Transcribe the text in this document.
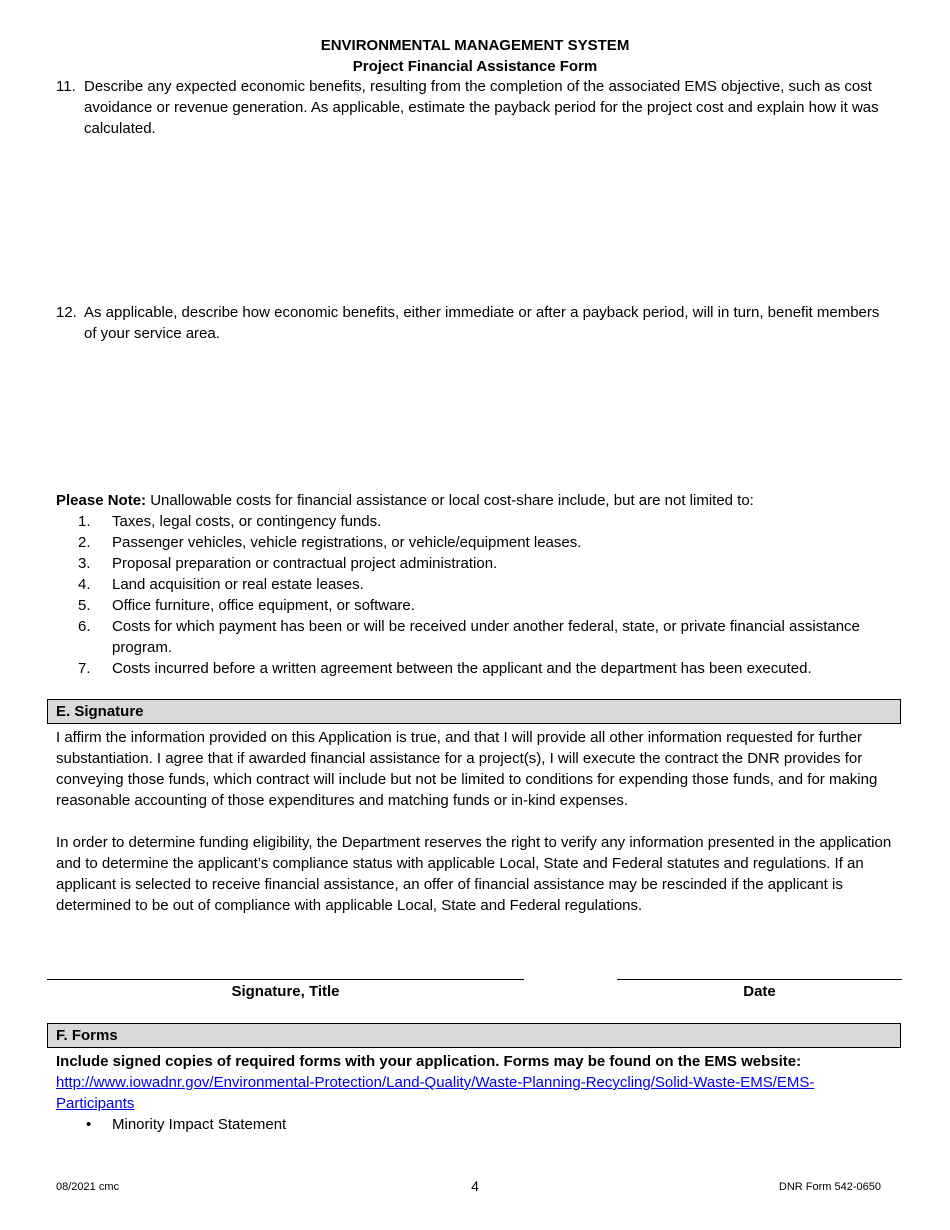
ENVIRONMENTAL MANAGEMENT SYSTEM
Project Financial Assistance Form
11. Describe any expected economic benefits, resulting from the completion of the associated EMS objective, such as cost avoidance or revenue generation. As applicable, estimate the payback period for the project cost and explain how it was calculated.
12. As applicable, describe how economic benefits, either immediate or after a payback period, will in turn, benefit members of your service area.
Please Note: Unallowable costs for financial assistance or local cost-share include, but are not limited to:
1. Taxes, legal costs, or contingency funds.
2. Passenger vehicles, vehicle registrations, or vehicle/equipment leases.
3. Proposal preparation or contractual project administration.
4. Land acquisition or real estate leases.
5. Office furniture, office equipment, or software.
6. Costs for which payment has been or will be received under another federal, state, or private financial assistance program.
7. Costs incurred before a written agreement between the applicant and the department has been executed.
E. Signature
I affirm the information provided on this Application is true, and that I will provide all other information requested for further substantiation. I agree that if awarded financial assistance for a project(s), I will execute the contract the DNR provides for conveying those funds, which contract will include but not be limited to conditions for expending those funds, and for making reasonable accounting of those expenditures and matching funds or in-kind expenses.
In order to determine funding eligibility, the Department reserves the right to verify any information presented in the application and to determine the applicant’s compliance status with applicable Local, State and Federal statutes and regulations. If an applicant is selected to receive financial assistance, an offer of financial assistance may be rescinded if the applicant is determined to be out of compliance with applicable Local, State and Federal regulations.
Signature, Title	Date
F. Forms
Include signed copies of required forms with your application. Forms may be found on the EMS website:
http://www.iowadnr.gov/Environmental-Protection/Land-Quality/Waste-Planning-Recycling/Solid-Waste-EMS/EMS-
Participants
• Minority Impact Statement
08/2021 cmc	4	DNR Form 542-0650
